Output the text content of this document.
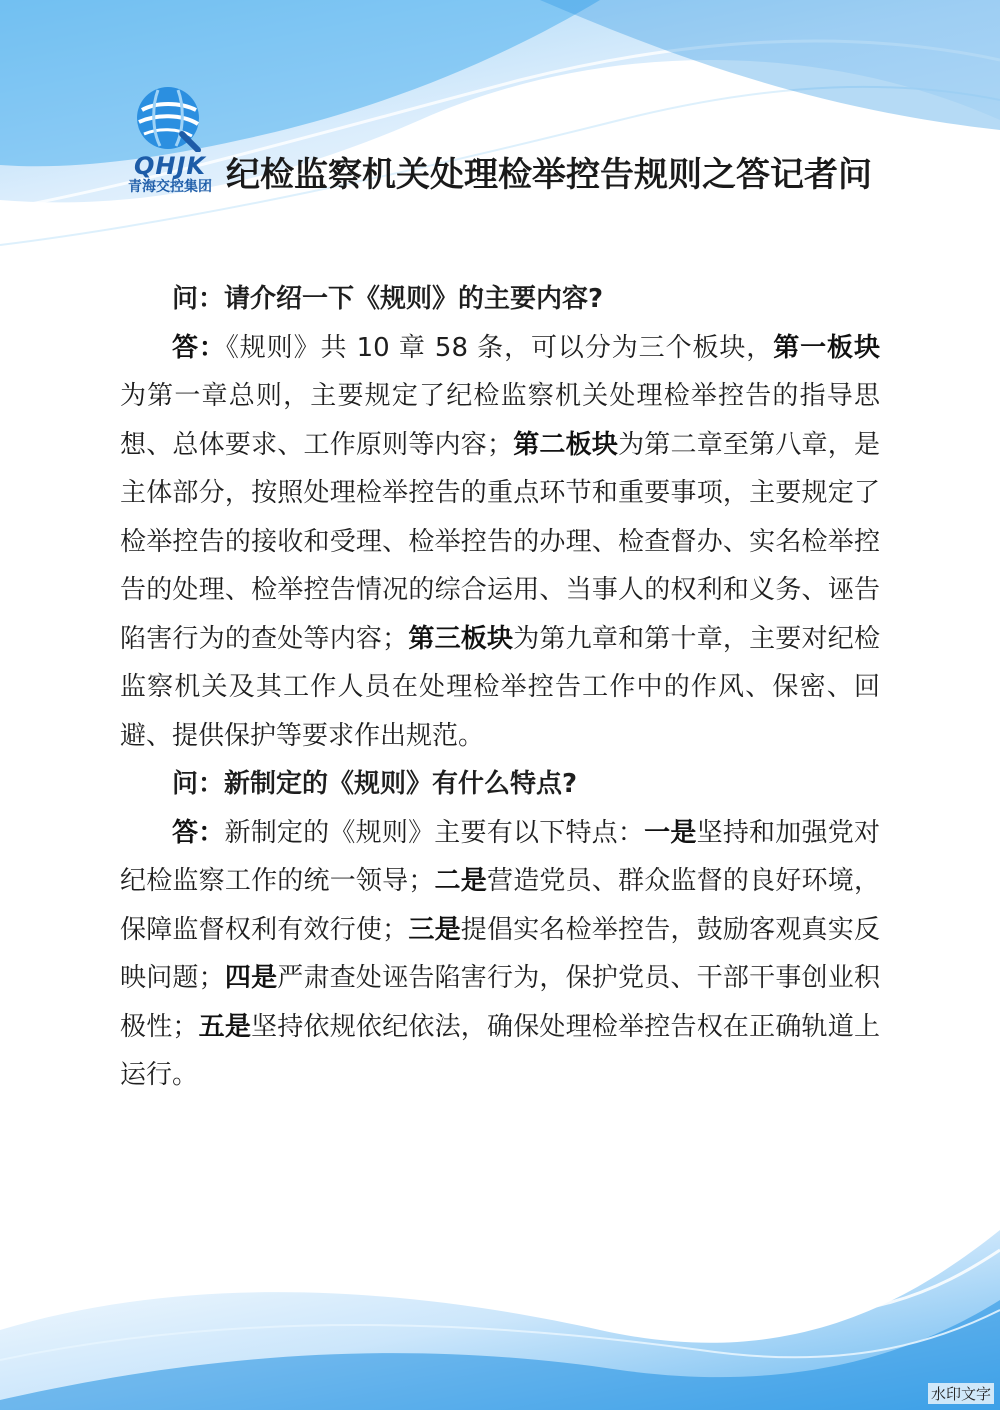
QHJK
青海交控集团 纪检监察机关处理检举控告规则之答记者问

问：请介绍一下《规则》的主要内容?

答：《规则》共 10 章 58 条，可以分为三个板块，第一板块为第一章总则，主要规定了纪检监察机关处理检举控告的指导思想、总体要求、工作原则等内容；第二板块为第二章至第八章，是主体部分，按照处理检举控告的重点环节和重要事项，主要规定了检举控告的接收和受理、检举控告的办理、检查督办、实名检举控告的处理、检举控告情况的综合运用、当事人的权利和义务、诬告陷害行为的查处等内容；第三板块为第九章和第十章，主要对纪检监察机关及其工作人员在处理检举控告工作中的作风、保密、回避、提供保护等要求作出规范。

问：新制定的《规则》有什么特点?

答：新制定的《规则》主要有以下特点：一是坚持和加强党对纪检监察工作的统一领导；二是营造党员、群众监督的良好环境，保障监督权利有效行使；三是提倡实名检举控告，鼓励客观真实反映问题；四是严肃查处诬告陷害行为，保护党员、干部干事创业积极性；五是坚持依规依纪依法，确保处理检举控告权在正确轨道上运行。

水印文字
